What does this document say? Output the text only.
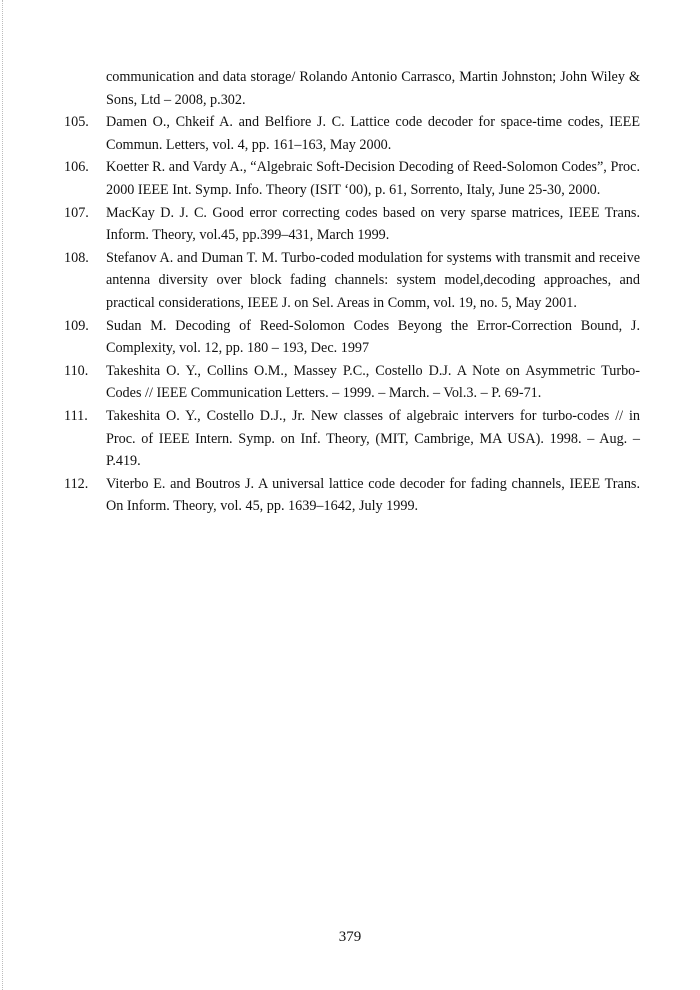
communication and data storage/ Rolando Antonio Carrasco, Martin Johnston; John Wiley & Sons, Ltd – 2008, p.302.
105.	Damen O., Chkeif A. and Belfiore J. C. Lattice code decoder for space-time codes, IEEE Commun. Letters, vol. 4, pp. 161–163, May 2000.
106.	Koetter R. and Vardy A., “Algebraic Soft-Decision Decoding of Reed-Solomon Codes”, Proc. 2000 IEEE Int. Symp. Info. Theory (ISIT ‘00), p. 61, Sorrento, Italy, June 25-30, 2000.
107.	MacKay D. J. C. Good error correcting codes based on very sparse matrices, IEEE Trans. Inform. Theory, vol.45, pp.399–431, March 1999.
108.	Stefanov A. and Duman T. M. Turbo-coded modulation for systems with transmit and receive antenna diversity over block fading channels: system model,decoding approaches, and practical considerations, IEEE J. on Sel. Areas in Comm, vol. 19, no. 5, May 2001.
109.	Sudan M. Decoding of Reed-Solomon Codes Beyong the Error-Correction Bound, J. Complexity, vol. 12, pp. 180 – 193, Dec. 1997
110.	Takeshita O. Y., Collins O.M., Massey P.C., Costello D.J. A Note on Asymmetric Turbo-Codes // IEEE Communication Letters. – 1999. – March. – Vol.3. – P. 69-71.
111.	Takeshita O. Y., Costello D.J., Jr. New classes of algebraic intervers for turbo-codes // in Proc. of IEEE Intern. Symp. on Inf. Theory, (MIT, Cambrige, MA USA). 1998. – Aug. – P.419.
112.	Viterbo E. and Boutros J. A universal lattice code decoder for fading channels, IEEE Trans. On Inform. Theory, vol. 45, pp. 1639–1642, July 1999.
379
